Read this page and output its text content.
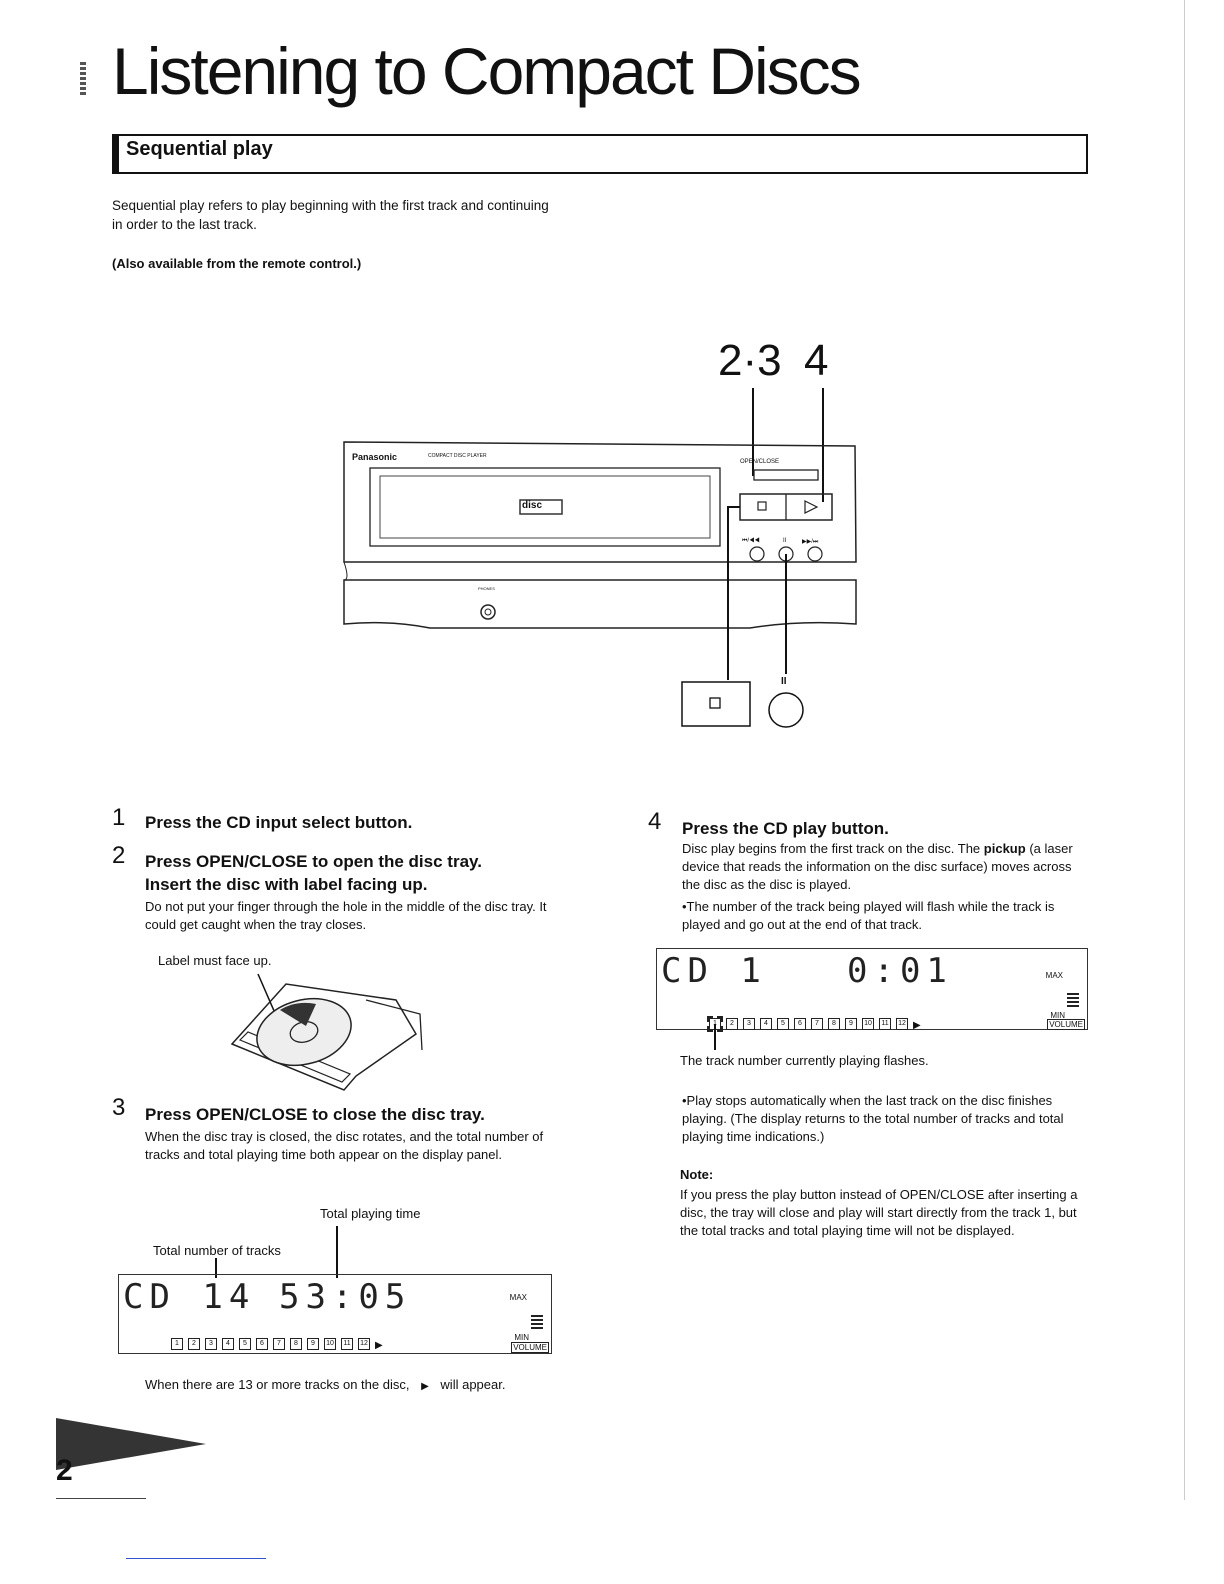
Listening to Compact Discs
Sequential play
Sequential play refers to play beginning with the first track and continuing in order to the last track.
(Also available from the remote control.)
2·3 4
Panasonic	COMPACT DISC PLAYER
OPEN/CLOSE
PHONES
disc
⏮/◀◀	II	▶▶/⏭
II
1 Press the CD input select button.
2 Press OPEN/CLOSE to open the disc tray.
Insert the disc with label facing up.
Do not put your finger through the hole in the middle of the disc tray. It could get caught when the tray closes.
Label must face up.
3 Press OPEN/CLOSE to close the disc tray.
When the disc tray is closed, the disc rotates, and the total number of tracks and total playing time both appear on the display panel.
Total playing time
Total number of tracks
CD 14 53:05	MAX
MIN
VOLUME
1 2 3 4 5 6 7 8 9 10 11 12 ▶
When there are 13 or more tracks on the disc, ▶ will appear.
4 Press the CD play button.
Disc play begins from the first track on the disc. The pickup (a laser device that reads the information on the disc surface) moves across the disc as the disc is played.
•The number of the track being played will flash while the track is played and go out at the end of that track.
CD 1 0:01	MAX
MIN
VOLUME
2 3 4 5 6 7 8 9 10 11 12 ▶
The track number currently playing flashes.
•Play stops automatically when the last track on the disc finishes playing. (The display returns to the total number of tracks and total playing time indications.)
Note:
If you press the play button instead of OPEN/CLOSE after inserting a disc, the tray will close and play will start directly from the track 1, but the total tracks and total playing time will not be displayed.
2
